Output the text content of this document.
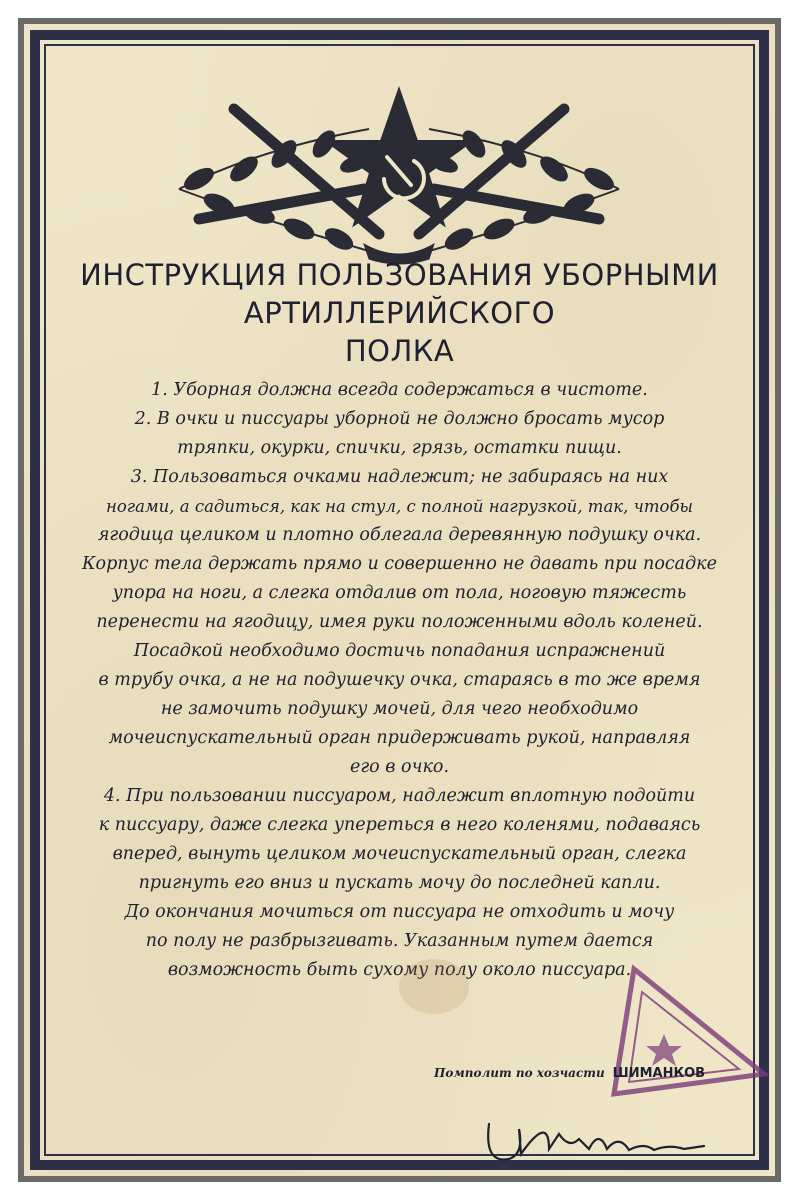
ИНСТРУКЦИЯ ПОЛЬЗОВАНИЯ УБОРНЫМИ
АРТИЛЛЕРИЙСКОГО
ПОЛКА
1. Уборная должна всегда содержаться в чистоте.
2. В очки и писсуары уборной не должно бросать мусор
тряпки, окурки, спички, грязь, остатки пищи.
3. Пользоваться очками надлежит; не забираясь на них
ногами, а садиться, как на стул, с полной нагрузкой, так, чтобы
ягодица целиком и плотно облегала деревянную подушку очка.
Корпус тела держать прямо и совершенно не давать при посадке
упора на ноги, а слегка отдалив от пола, ноговую тяжесть
перенести на ягодицу, имея руки положенными вдоль коленей.
Посадкой необходимо достичь попадания испражнений
в трубу очка, а не на подушечку очка, стараясь в то же время
не замочить подушку мочей, для чего необходимо
мочеиспускательный орган придерживать рукой, направляя
его в очко.
4. При пользовании писсуаром, надлежит вплотную подойти
к писсуару, даже слегка упереться в него коленями, подаваясь
вперед, вынуть целиком мочеиспускательный орган, слегка
пригнуть его вниз и пускать мочу до последней капли.
До окончания мочиться от писсуара не отходить и мочу
по полу не разбрызгивать. Указанным путем дается
возможность быть сухому полу около писсуара.
Помполит по хозчасти ШИМАНКОВ
